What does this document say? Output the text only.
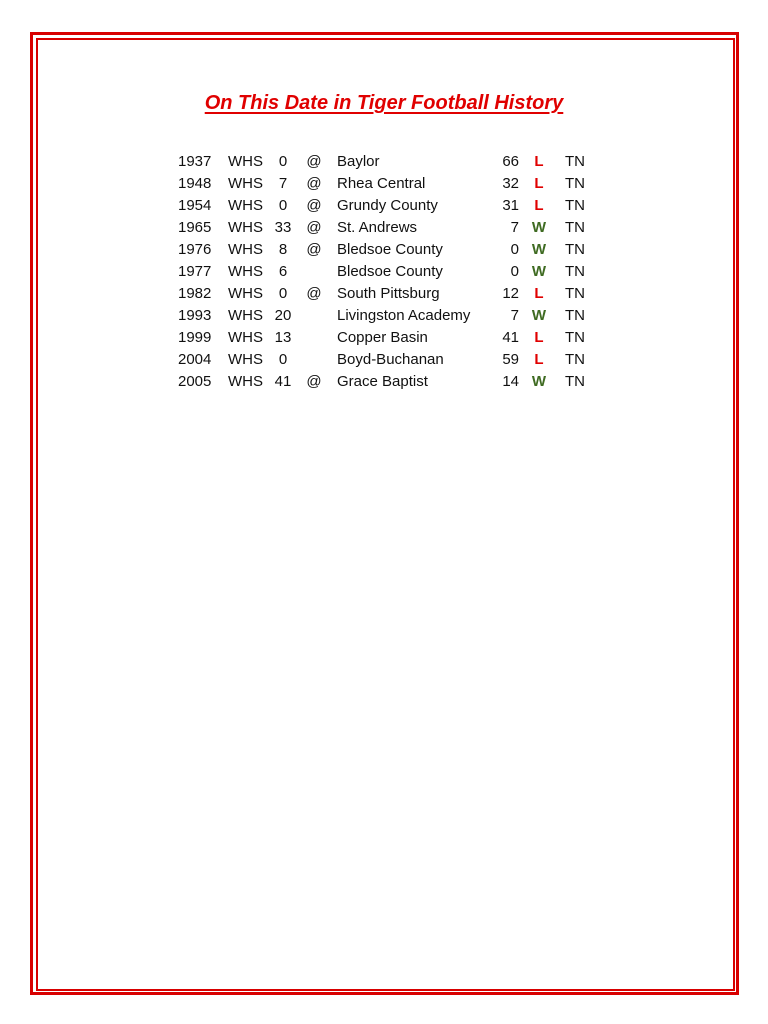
On This Date in Tiger Football History
1937	WHS	0	@ Baylor	66	L	TN
1948	WHS	7	@ Rhea Central	32	L	TN
1954	WHS	0	@ Grundy County	31	L	TN
1965	WHS 33	@ St. Andrews	7 W TN
1976	WHS	8	@ Bledsoe County	0 W TN
1977	WHS	6	Bledsoe County	0 W TN
1982	WHS	0	@ South Pittsburg	12	L	TN
1993	WHS 20	Livingston Academy	7 W TN
1999	WHS 13	Copper Basin	41	L	TN
2004	WHS	0	Boyd-Buchanan	59	L	TN
2005	WHS 41	@ Grace Baptist	14 W TN
